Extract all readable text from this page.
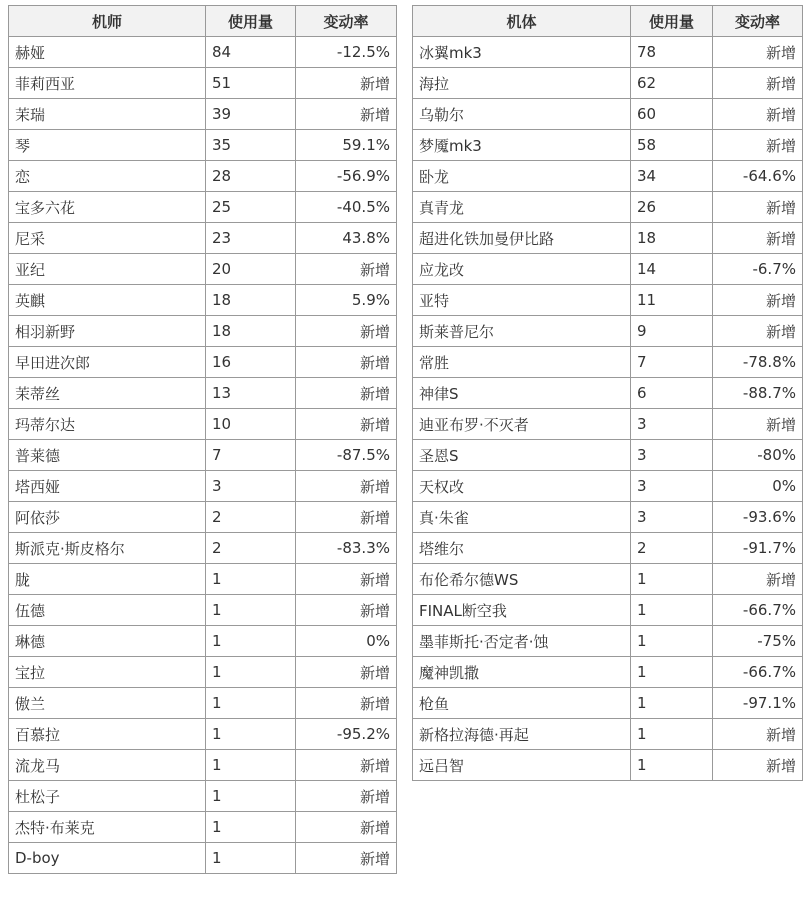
机师	使用量	变动率
赫娅	84	-12.5%
菲莉西亚	51	新增
茉瑞	39	新增
琴	35	59.1%
恋	28	-56.9%
宝多六花	25	-40.5%
尼采	23	43.8%
亚纪	20	新增
英麒	18	5.9%
相羽新野	18	新增
早田进次郎	16	新增
茉蒂丝	13	新增
玛蒂尔达	10	新增
普莱德	7	-87.5%
塔西娅	3	新增
阿依莎	2	新增
斯派克·斯皮格尔	2	-83.3%
胧	1	新增
伍德	1	新增
琳德	1	0%
宝拉	1	新增
傲兰	1	新增
百慕拉	1	-95.2%
流龙马	1	新增
杜松子	1	新增
杰特·布莱克	1	新增
D-boy	1	新增
机体	使用量	变动率
冰翼mk3	78	新增
海拉	62	新增
乌勒尔	60	新增
梦魇mk3	58	新增
卧龙	34	-64.6%
真青龙	26	新增
超进化铁加曼伊比路	18	新增
应龙改	14	-6.7%
亚特	11	新增
斯莱普尼尔	9	新增
常胜	7	-78.8%
神律S	6	-88.7%
迪亚布罗·不灭者	3	新增
圣恩S	3	-80%
天权改	3	0%
真·朱雀	3	-93.6%
塔维尔	2	-91.7%
布伦希尔德WS	1	新增
FINAL断空我	1	-66.7%
墨菲斯托·否定者·蚀	1	-75%
魔神凯撒	1	-66.7%
枪鱼	1	-97.1%
新格拉海德·再起	1	新增
远吕智	1	新增
